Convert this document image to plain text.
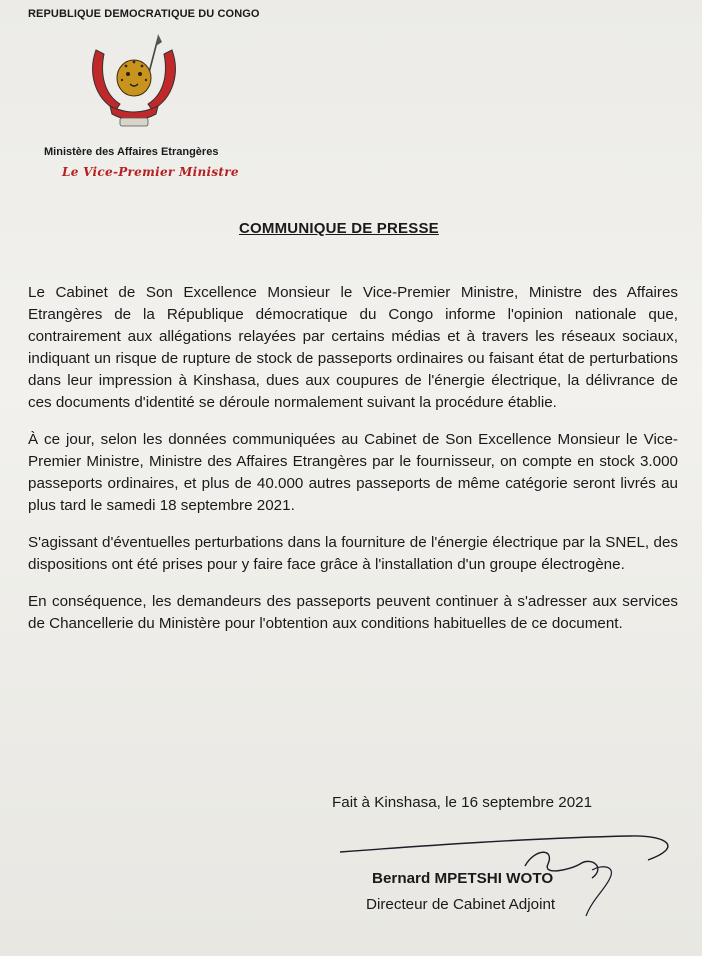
REPUBLIQUE DEMOCRATIQUE DU CONGO
Ministère des Affaires Etrangères
Le Vice-Premier Ministre
COMMUNIQUE DE PRESSE

Le Cabinet de Son Excellence Monsieur le Vice-Premier Ministre, Ministre des Affaires Etrangères de la République démocratique du Congo informe l'opinion nationale que, contrairement aux allégations relayées par certains médias et à travers les réseaux sociaux, indiquant un risque de rupture de stock de passeports ordinaires ou faisant état de perturbations dans leur impression à Kinshasa, dues aux coupures de l'énergie électrique, la délivrance de ces documents d'identité se déroule normalement suivant la procédure établie.

À ce jour, selon les données communiquées au Cabinet de Son Excellence Monsieur le Vice-Premier Ministre, Ministre des Affaires Etrangères par le fournisseur, on compte en stock 3.000 passeports ordinaires, et plus de 40.000 autres passeports de même catégorie seront livrés au plus tard le samedi 18 septembre 2021.

S'agissant d'éventuelles perturbations dans la fourniture de l'énergie électrique par la SNEL, des dispositions ont été prises pour y faire face grâce à l'installation d'un groupe électrogène.

En conséquence, les demandeurs des passeports peuvent continuer à s'adresser aux services de Chancellerie du Ministère pour l'obtention aux conditions habituelles de ce document.

Fait à Kinshasa, le 16 septembre 2021
Bernard MPETSHI WOTO
Directeur de Cabinet Adjoint
